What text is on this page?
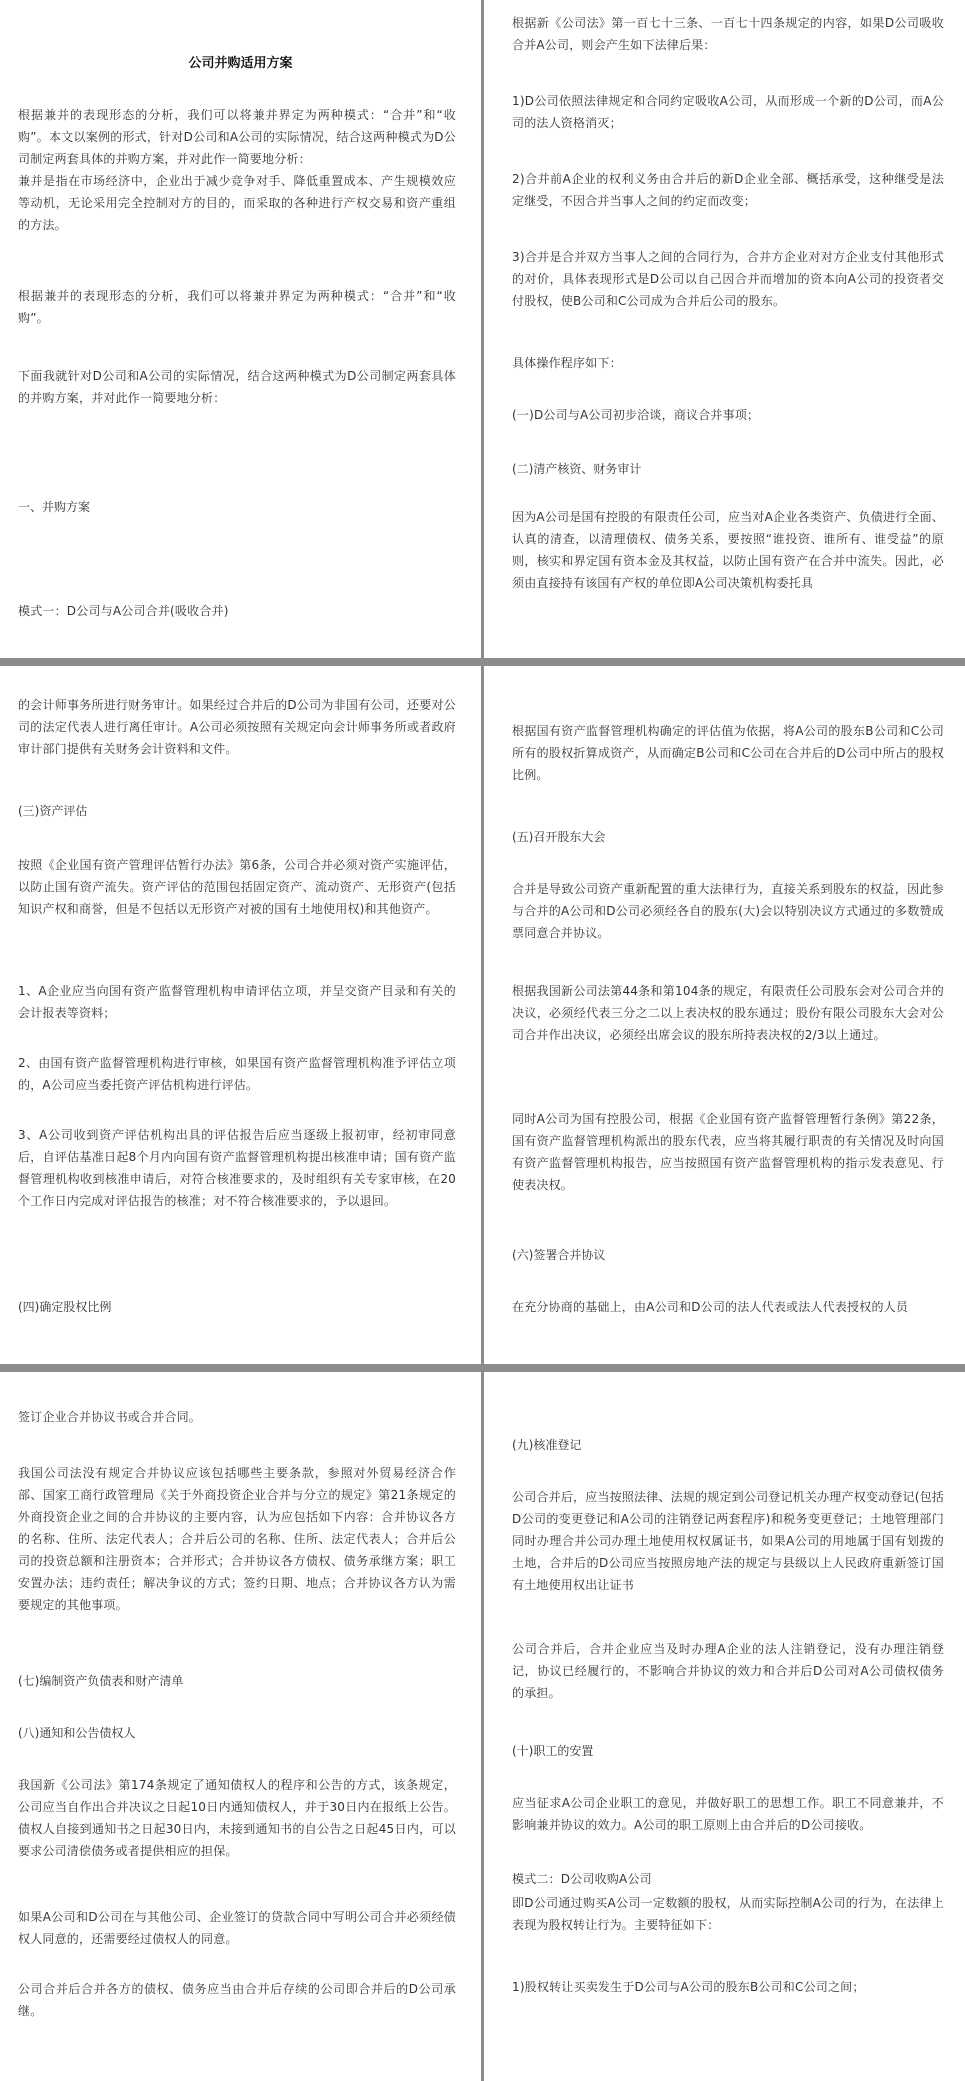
公司并购适用方案

根据兼并的表现形态的分析，我们可以将兼并界定为两种模式：“合并”和“收购”。本文以案例的形式，针对D公司和A公司的实际情况，结合这两种模式为D公司制定两套具体的并购方案，并对此作一简要地分析：

兼并是指在市场经济中，企业出于减少竞争对手、降低重置成本、产生规模效应等动机，无论采用完全控制对方的目的，而采取的各种进行产权交易和资产重组的方法。

根据兼并的表现形态的分析，我们可以将兼并界定为两种模式：“合并”和“收购”。

下面我就针对D公司和A公司的实际情况，结合这两种模式为D公司制定两套具体的并购方案，并对此作一简要地分析：

一、并购方案

模式一：D公司与A公司合并(吸收合并)

根据新《公司法》第一百七十三条、一百七十四条规定的内容，如果D公司吸收合并A公司，则会产生如下法律后果：

1)D公司依照法律规定和合同约定吸收A公司，从而形成一个新的D公司，而A公司的法人资格消灭；

2)合并前A企业的权利义务由合并后的新D企业全部、概括承受，这种继受是法定继受，不因合并当事人之间的约定而改变；

3)合并是合并双方当事人之间的合同行为，合并方企业对对方企业支付其他形式的对价，具体表现形式是D公司以自己因合并而增加的资本向A公司的投资者交付股权，使B公司和C公司成为合并后公司的股东。

具体操作程序如下：

(一)D公司与A公司初步洽谈，商议合并事项；

(二)清产核资、财务审计

因为A公司是国有控股的有限责任公司，应当对A企业各类资产、负债进行全面、认真的清查，以清理债权、债务关系，要按照“谁投资、谁所有、谁受益”的原则，核实和界定国有资本金及其权益，以防止国有资产在合并中流失。因此，必须由直接持有该国有产权的单位即A公司决策机构委托具

的会计师事务所进行财务审计。如果经过合并后的D公司为非国有公司，还要对公司的法定代表人进行离任审计。A公司必须按照有关规定向会计师事务所或者政府审计部门提供有关财务会计资料和文件。

(三)资产评估

按照《企业国有资产管理评估暂行办法》第6条，公司合并必须对资产实施评估，以防止国有资产流失。资产评估的范围包括固定资产、流动资产、无形资产(包括知识产权和商誉，但是不包括以无形资产对被的国有土地使用权)和其他资产。

1、A企业应当向国有资产监督管理机构申请评估立项，并呈交资产目录和有关的会计报表等资料；

2、由国有资产监督管理机构进行审核，如果国有资产监督管理机构准予评估立项的，A公司应当委托资产评估机构进行评估。

3、A公司收到资产评估机构出具的评估报告后应当逐级上报初审，经初审同意后，自评估基准日起8个月内向国有资产监督管理机构提出核准申请；国有资产监督管理机构收到核准申请后，对符合核准要求的，及时组织有关专家审核，在20个工作日内完成对评估报告的核准；对不符合核准要求的，予以退回。

(四)确定股权比例

根据国有资产监督管理机构确定的评估值为依据，将A公司的股东B公司和C公司所有的股权折算成资产，从而确定B公司和C公司在合并后的D公司中所占的股权比例。

(五)召开股东大会

合并是导致公司资产重新配置的重大法律行为，直接关系到股东的权益，因此参与合并的A公司和D公司必须经各自的股东(大)会以特别决议方式通过的多数赞成票同意合并协议。

根据我国新公司法第44条和第104条的规定，有限责任公司股东会对公司合并的决议，必须经代表三分之二以上表决权的股东通过；股份有限公司股东大会对公司合并作出决议，必须经出席会议的股东所持表决权的2/3以上通过。

同时A公司为国有控股公司，根据《企业国有资产监督管理暂行条例》第22条，国有资产监督管理机构派出的股东代表，应当将其履行职责的有关情况及时向国有资产监督管理机构报告，应当按照国有资产监督管理机构的指示发表意见、行使表决权。

(六)签署合并协议

在充分协商的基础上，由A公司和D公司的法人代表或法人代表授权的人员

签订企业合并协议书或合并合同。

我国公司法没有规定合并协议应该包括哪些主要条款，参照对外贸易经济合作部、国家工商行政管理局《关于外商投资企业合并与分立的规定》第21条规定的外商投资企业之间的合并协议的主要内容，认为应包括如下内容：合并协议各方的名称、住所、法定代表人；合并后公司的名称、住所、法定代表人；合并后公司的投资总额和注册资本；合并形式；合并协议各方债权、债务承继方案；职工安置办法；违约责任；解决争议的方式；签约日期、地点；合并协议各方认为需要规定的其他事项。

(七)编制资产负债表和财产清单

(八)通知和公告债权人

我国新《公司法》第174条规定了通知债权人的程序和公告的方式，该条规定，公司应当自作出合并决议之日起10日内通知债权人，并于30日内在报纸上公告。债权人自接到通知书之日起30日内，未接到通知书的自公告之日起45日内，可以要求公司清偿债务或者提供相应的担保。

如果A公司和D公司在与其他公司、企业签订的贷款合同中写明公司合并必须经债权人同意的，还需要经过债权人的同意。

公司合并后合并各方的债权、债务应当由合并后存续的公司即合并后的D公司承继。

(九)核准登记

公司合并后，应当按照法律、法规的规定到公司登记机关办理产权变动登记(包括D公司的变更登记和A公司的注销登记两套程序)和税务变更登记；土地管理部门同时办理合并公司办理土地使用权权属证书，如果A公司的用地属于国有划拨的土地，合并后的D公司应当按照房地产法的规定与县级以上人民政府重新签订国有土地使用权出让证书

公司合并后，合并企业应当及时办理A企业的法人注销登记，没有办理注销登记，协议已经履行的，不影响合并协议的效力和合并后D公司对A公司债权债务的承担。

(十)职工的安置

应当征求A公司企业职工的意见，并做好职工的思想工作。职工不同意兼并，不影响兼并协议的效力。A公司的职工原则上由合并后的D公司接收。

模式二：D公司收购A公司

即D公司通过购买A公司一定数额的股权，从而实际控制A公司的行为，在法律上表现为股权转让行为。主要特征如下：

1)股权转让买卖发生于D公司与A公司的股东B公司和C公司之间；
